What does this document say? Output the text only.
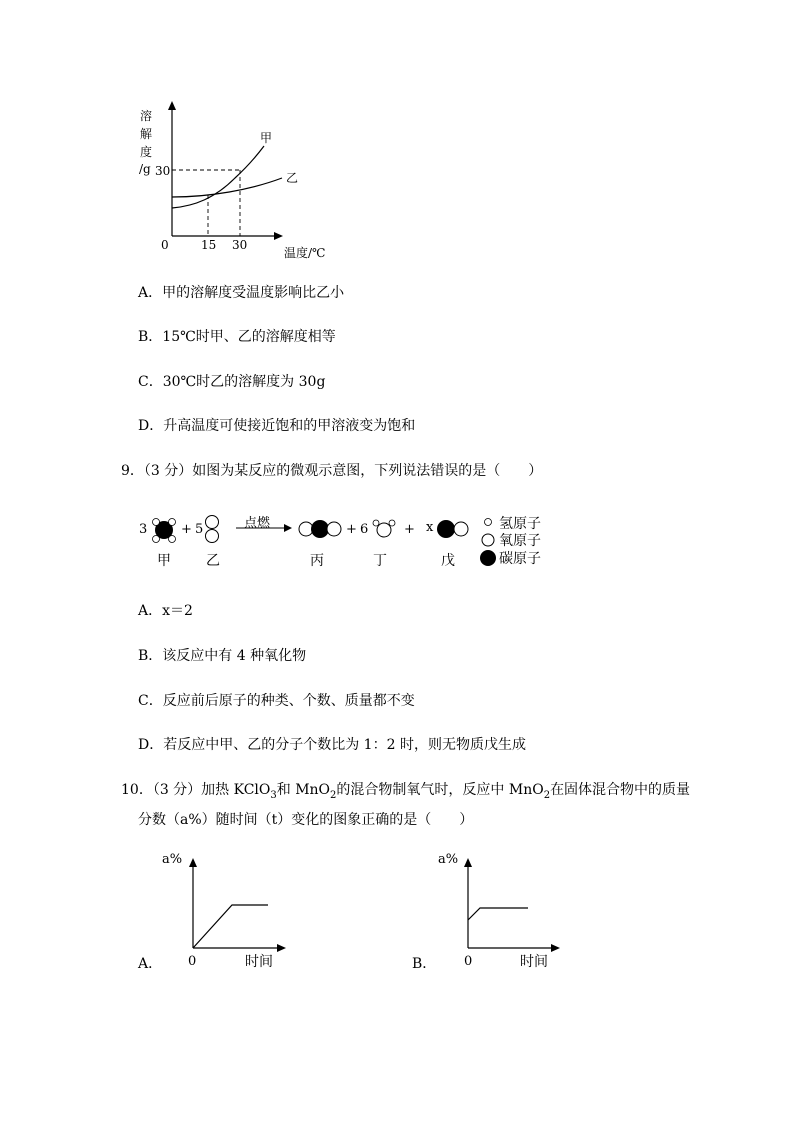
溶
解
度
/g 30
0	15 30
温度/℃
甲
乙
A．甲的溶解度受温度影响比乙小
B．15℃时甲、乙的溶解度相等
C．30℃时乙的溶解度为 30g
D．升高温度可使接近饱和的甲溶液变为饱和
9．（3 分）如图为某反应的微观示意图，下列说法错误的是（　　）
3	+ 5	点燃	+ 6	+ x
甲	乙	丙	丁	戊
氢原子
氧原子
碳原子
A．x＝2
B．该反应中有 4 种氧化物
C．反应前后原子的种类、个数、质量都不变
D．若反应中甲、乙的分子个数比为 1：2 时，则无物质戊生成
10．（3 分）加热 KClO$_3$和 MnO$_2$的混合物制氧气时，反应中 MnO$_2$在固体混合物中的质量
分数（a%）随时间（t）变化的图象正确的是（　　）
a%
0	时间
A．
a%
0	时间
B．
